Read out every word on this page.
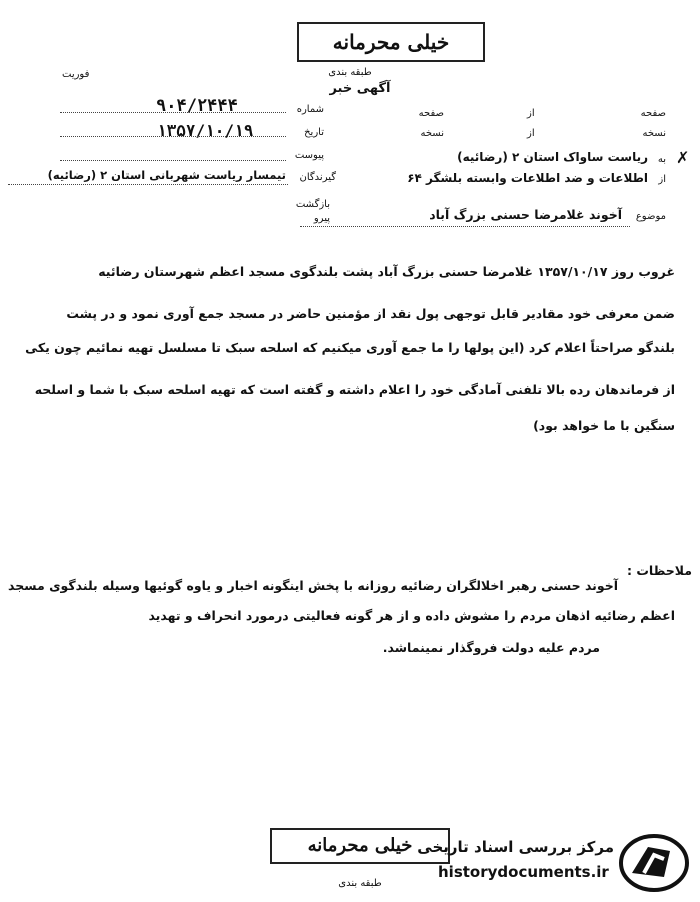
خیلی محرمانه
طبقه بندی
فوریت
آگهی خبر
شماره
۹۰۴/۲۴۴۴
تاریخ
۱۳۵۷/۱۰/۱۹
پیوست
صفحه
از
صفحه
نسخه
از
نسخه
✗
به
ریاست ساواک استان ۲ (رضائیه)
از
اطلاعات و ضد اطلاعات وابسته بلشگر ۶۴
گیرندگان
تیمسار ریاست شهربانی استان ۲ (رضائیه)
بازگشت
پیرو	موضوع
آخوند غلامرضا حسنی بزرگ آباد
غروب روز ۱۳۵۷/۱۰/۱۷ غلامرضا حسنی بزرگ آباد پشت بلندگوی مسجد اعظم شهرستان رضائیه
ضمن معرفی خود مقادیر قابل توجهی پول نقد از مؤمنین حاضر در مسجد جمع آوری نمود و در پشت
بلندگو صراحتاً اعلام کرد (این پولها را ما جمع آوری میکنیم که اسلحه سبک تا مسلسل تهیه نمائیم چون یکی
از فرماندهان رده بالا تلفنی آمادگی خود را اعلام داشته و گفته است که تهیه اسلحه سبک با شما و اسلحه
سنگین با ما خواهد بود)
ملاحظات :
آخوند حسنی رهبر اخلالگران رضائیه روزانه با پخش اینگونه اخبار و یاوه گوئیها وسیله بلندگوی مسجد
اعظم رضائیه اذهان مردم را مشوش داده و از هر گونه فعالیتی درمورد انحراف و تهدید
مردم علیه دولت فروگذار نمینماشد.
خیلی محرمانه
طبقه بندی
مرکز بررسی اسناد تاریخی
historydocuments.ir
